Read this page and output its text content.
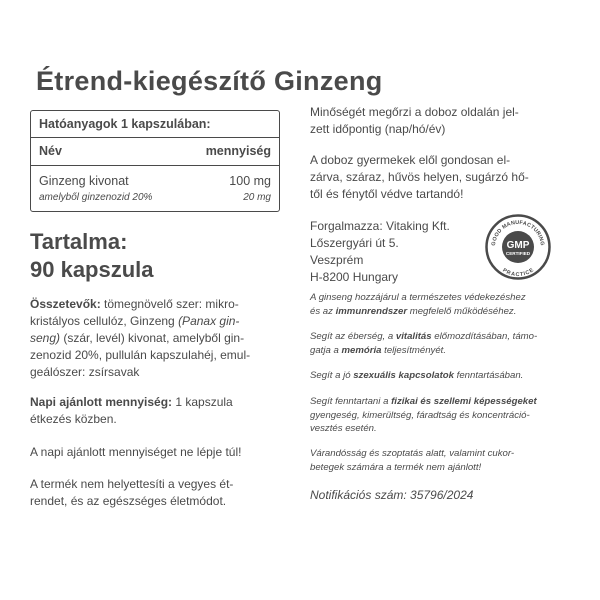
Étrend-kiegészítő Ginzeng
Hatóanyagok 1 kapszulában:
Név	mennyiség
Ginzeng kivonat	100 mg
amelyből ginzenozid 20%	20 mg
Tartalma:
90 kapszula
Összetevők: tömegnövelő szer: mikro-
kristályos cellulóz, Ginzeng (Panax gin-
seng) (szár, levél) kivonat, amelyből gin-
zenozid 20%, pullulán kapszulahéj, emul-
geálószer: zsírsavak
Napi ajánlott mennyiség: 1 kapszula
étkezés közben.
A napi ajánlott mennyiséget ne lépje túl!
A termék nem helyettesíti a vegyes ét-
rendet, és az egészséges életmódot.
Minőségét megőrzi a doboz oldalán jel-
zett időpontig (nap/hó/év)
A doboz gyermekek elől gondosan el-
zárva, száraz, hűvös helyen, sugárzó hő-
től és fénytől védve tartandó!
Forgalmazza: Vitaking Kft.
Lőszergyári út 5.
Veszprém
H-8200 Hungary
GOOD MANUFACTURING
PRACTICE
GMP
CERTIFIED
A ginseng hozzájárul a természetes védekezéshez
és az immunrendszer megfelelő működéséhez.
Segít az éberség, a vitalitás előmozdításában, támo-
gatja a memória teljesítményét.
Segít a jó szexuális kapcsolatok fenntartásában.
Segít fenntartani a fizikai és szellemi képességeket
gyengeség, kimerültség, fáradtság és koncentráció-
vesztés esetén.
Várandósság és szoptatás alatt, valamint cukor-
betegek számára a termék nem ajánlott!
Notifikációs szám: 35796/2024
